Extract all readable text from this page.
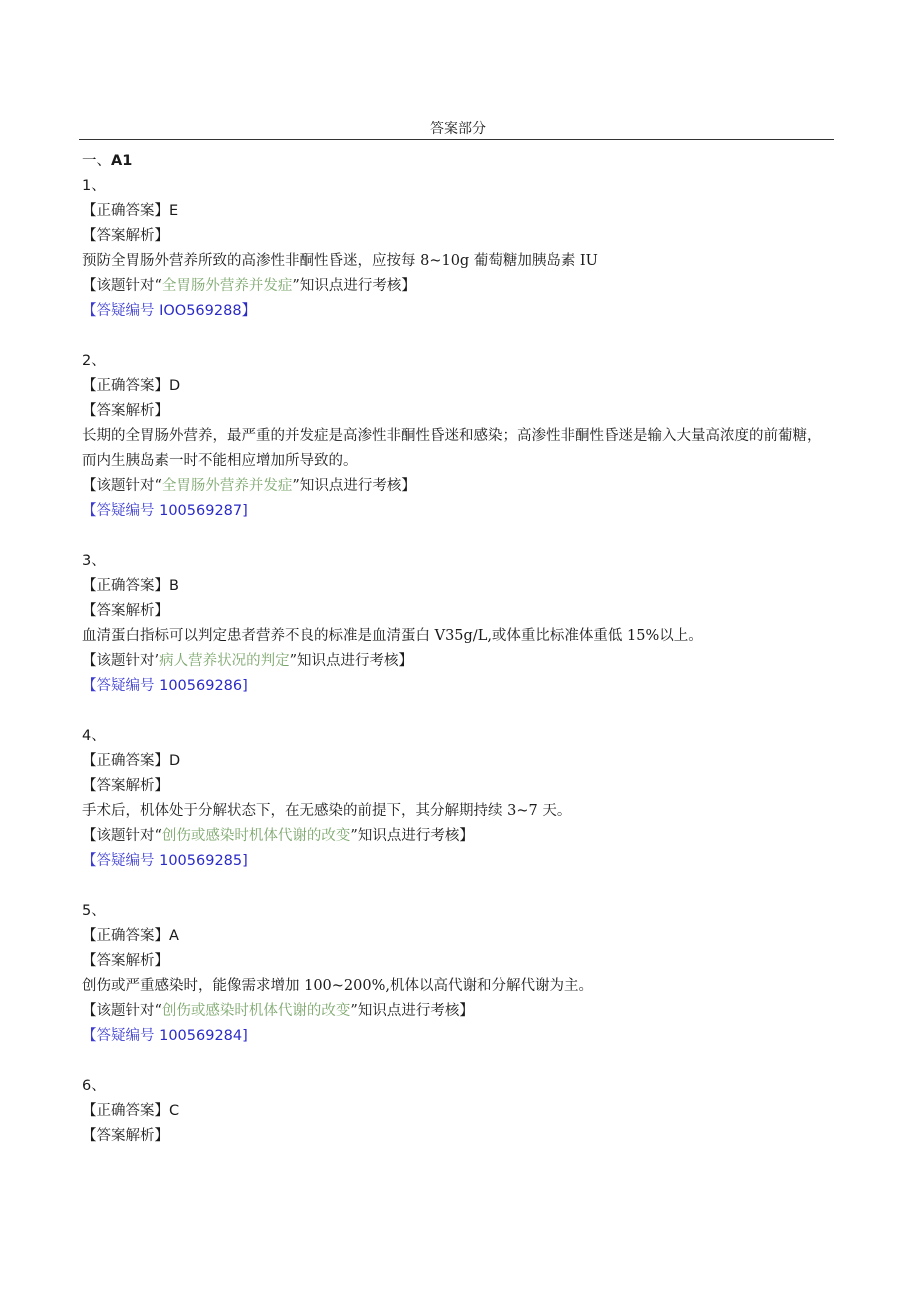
答案部分
一、A1
1、
【正确答案】E
【答案解析】
预防全胃肠外营养所致的高渗性非酮性昏迷，应按每 8~10g 葡萄糖加胰岛素 IU
【该题针对“全胃肠外营养并发症”知识点进行考核】
【答疑编号 IOO569288】
2、
【正确答案】D
【答案解析】
长期的全胃肠外营养，最严重的并发症是高渗性非酮性昏迷和感染；高渗性非酮性昏迷是输入大量高浓度的前葡糖，而内生胰岛素一时不能相应增加所导致的。
【该题针对“全胃肠外营养并发症”知识点进行考核】
【答疑编号 100569287]
3、
【正确答案】B
【答案解析】
血清蛋白指标可以判定患者营养不良的标准是血清蛋白 V35g∕L,或体重比标准体重低 15%以上。
【该题针对’病人营养状况的判定”知识点进行考核】
【答疑编号 100569286]
4、
【正确答案】D
【答案解析】
手术后，机体处于分解状态下，在无感染的前提下，其分解期持续 3~7 天。
【该题针对“创伤或感染时机体代谢的改变”知识点进行考核】
【答疑编号 100569285]
5、
【正确答案】A
【答案解析】
创伤或严重感染时，能像需求增加 100~200%,机体以高代谢和分解代谢为主。
【该题针对“创伤或感染时机体代谢的改变”知识点进行考核】
【答疑编号 100569284]
6、
【正确答案】C
【答案解析】
